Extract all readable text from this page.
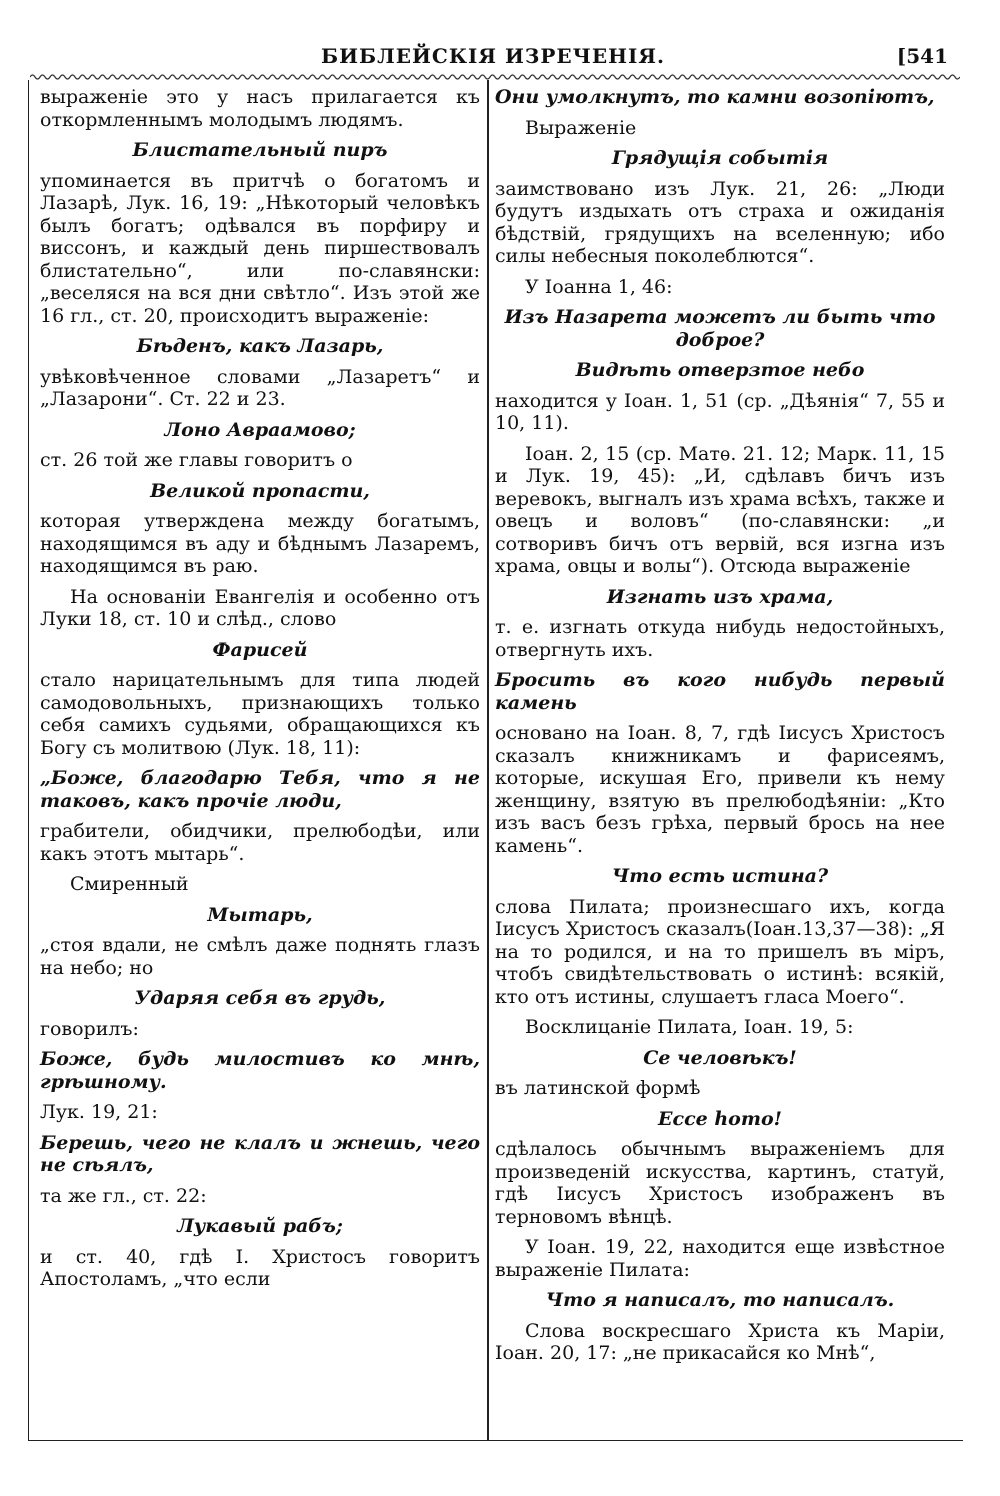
БИБЛЕЙСКІЯ ИЗРЕЧЕНІЯ.	[541
выраженіе это у насъ прилагается къ откормленнымъ молодымъ людямъ.
Блистательный пиръ
упоминается въ притчѣ о богатомъ и Лазарѣ, Лук. 16, 19: „Нѣкоторый человѣкъ былъ богатъ; одѣвался въ порфиру и виссонъ, и каждый день пиршествовалъ блистательно“, или по-славянски: „веселяся на вся дни свѣтло“. Изъ этой же 16 гл., ст. 20, происходитъ выраженіе:
Бѣденъ, какъ Лазарь,
увѣковѣченное словами „Лазаретъ“ и „Лазарони“. Ст. 22 и 23.
Лоно Авраамово;
ст. 26 той же главы говоритъ о
Великой пропасти,
которая утверждена между богатымъ, находящимся въ аду и бѣднымъ Лазаремъ, находящимся въ раю.
На основаніи Евангелія и особенно отъ Луки 18, ст. 10 и слѣд., слово
Фарисей
стало нарицательнымъ для типа людей самодовольныхъ, признающихъ только себя самихъ судьями, обращающихся къ Богу съ молитвою (Лук. 18, 11):
„Боже, благодарю Тебя, что я не таковъ, какъ прочіе люди,
грабители, обидчики, прелюбодѣи, или какъ этотъ мытарь“.
Смиренный
Мытарь,
„стоя вдали, не смѣлъ даже поднять глазъ на небо; но
Ударяя себя въ грудь,
говорилъ:
Боже, будь милостивъ ко мнѣ, грѣшному.
Лук. 19, 21:
Берешь, чего не клалъ и жнешь, чего не сѣялъ,
та же гл., ст. 22:
Лукавый рабъ;
и ст. 40, гдѣ І. Христосъ говоритъ Апостоламъ, „что если
Они умолкнутъ, то камни возопіютъ,
Выраженіе
Грядущія событія
заимствовано изъ Лук. 21, 26: „Люди будутъ издыхать отъ страха и ожиданія бѣдствій, грядущихъ на вселенную; ибо силы небесныя поколеблются“.
У Іоанна 1, 46:
Изъ Назарета можетъ ли быть что доброе?
Видѣть отверзтое небо
находится у Іоан. 1, 51 (ср. „Дѣянія“ 7, 55 и 10, 11).
Іоан. 2, 15 (ср. Матѳ. 21. 12; Марк. 11, 15 и Лук. 19, 45): „И, сдѣлавъ бичъ изъ веревокъ, выгналъ изъ храма всѣхъ, также и овецъ и воловъ“ (по-славянски: „и сотворивъ бичъ отъ вервій, вся изгна изъ храма, овцы и волы“). Отсюда выраженіе
Изгнать изъ храма,
т. е. изгнать откуда нибудь недостойныхъ, отвергнуть ихъ.
Бросить въ кого нибудь первый камень
основано на Іоан. 8, 7, гдѣ Іисусъ Христосъ сказалъ книжникамъ и фарисеямъ, которые, искушая Его, привели къ нему женщину, взятую въ прелюбодѣяніи: „Кто изъ васъ безъ грѣха, первый брось на нее камень“.
Что есть истина?
слова Пилата; произнесшаго ихъ, когда Іисусъ Христосъ сказалъ(Іоан.13,37—38): „Я на то родился, и на то пришелъ въ міръ, чтобъ свидѣтельствовать о истинѣ: всякій, кто отъ истины, слушаетъ гласа Моего“.
Восклицаніе Пилата, Іоан. 19, 5:
Се человѣкъ!
въ латинской формѣ
Ecce homo!
сдѣлалось обычнымъ выраженіемъ для произведеній искусства, картинъ, статуй, гдѣ Іисусъ Христосъ изображенъ въ терновомъ вѣнцѣ.
У Іоан. 19, 22, находится еще извѣстное выраженіе Пилата:
Что я написалъ, то написалъ.
Слова воскресшаго Христа къ Маріи, Іоан. 20, 17: „не прикасайся ко Мнѣ“,
